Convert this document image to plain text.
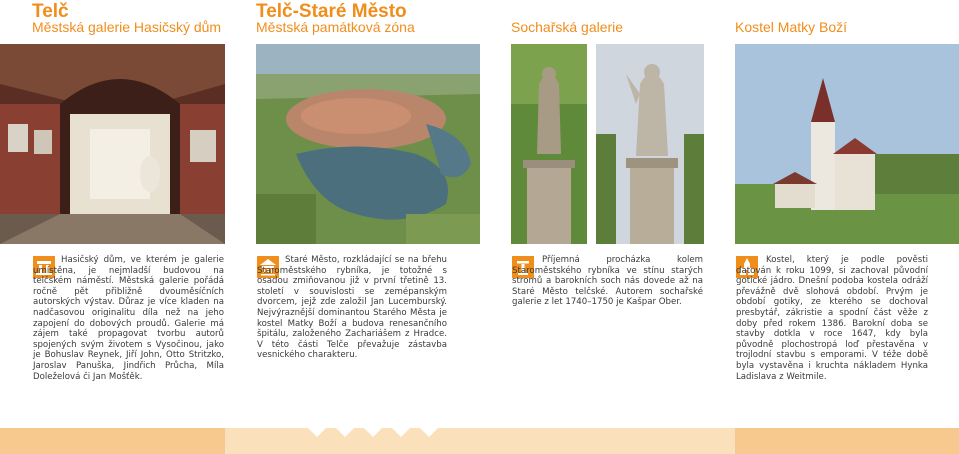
Telč
Městská galerie Hasičský dům

Hasičský dům, ve kterém je galerie umístěna, je nejmladší budovou na telčském náměstí. Městská galerie pořádá ročně pět přibližně dvouměsíčních autorských výstav. Důraz je více kladen na nadčasovou originalitu díla než na jeho zapojení do dobových proudů. Galerie má zájem také propagovat tvorbu autorů spojených svým životem s Vysočinou, jako je Bohuslav Reynek, Jiří John, Otto Stritzko, Jaroslav Panuška, Jindřich Průcha, Míla Doleželová či Jan Mošťěk.

Telč-Staré Město
Městská památková zóna

Staré Město, rozkládající se na břehu Staroměstského rybníka, je totožné s osadou zmiňovanou již v první třetině 13. století v souvislosti se zemépanským dvorcem, jejž zde založil Jan Lucemburský. Nejvýraznější dominantou Starého Města je kostel Matky Boží a budova renesančního špitálu, založeného Zachariášem z Hradce. V této části Telče převažuje zástavba vesnického charakteru.

Sochařská galerie

Příjemná procházka kolem Staroměstského rybníka ve stínu starých stromů a barokních soch nás dovede až na Staré Město telčské. Autorem sochařské galerie z let 1740–1750 je Kašpar Ober.

Kostel Matky Boží

Kostel, který je podle pověsti datován k roku 1099, si zachoval původní gotické jádro. Dnešní podoba kostela odráží převážně dvě slohová období. Prvým je období gotiky, ze kterého se dochoval presbytář, zákristie a spodní část věže z doby před rokem 1386. Barokní doba se stavby dotkla v roce 1647, kdy byla původně plochostropá loď přestavěna v trojlodní stavbu s emporami. V téže době byla vystavěna i kruchta nákladem Hynka Ladislava z Weitmile.
